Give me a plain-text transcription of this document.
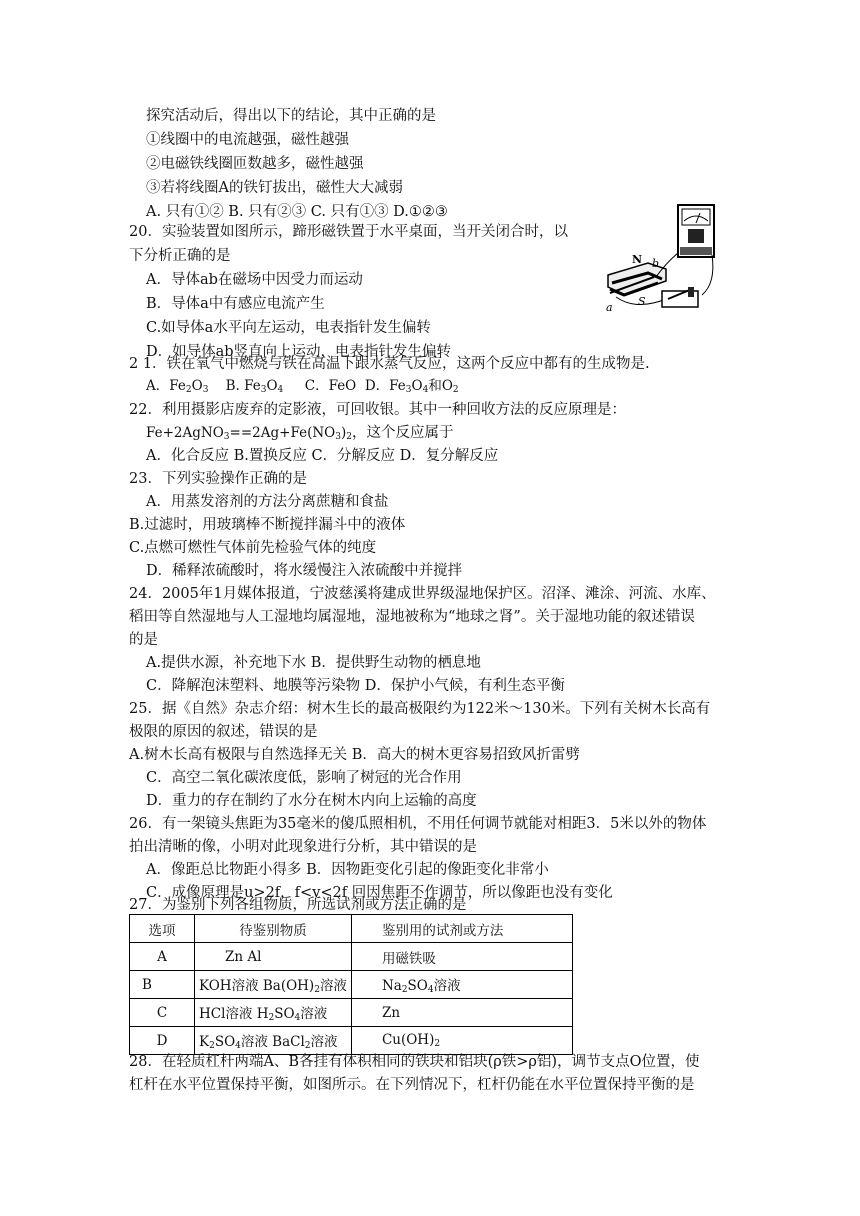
探究活动后，得出以下的结论，其中正确的是
①线圈中的电流越强，磁性越强
②电磁铁线圈匝数越多，磁性越强
③若将线圈A的铁钉拔出，磁性大大减弱
A. 只有①② B. 只有②③ C. 只有①③ D.①②③
20．实验装置如图所示，蹄形磁铁置于水平桌面，当开关闭合时，以
下分析正确的是
A．导体ab在磁场中因受力而运动
B．导体a中有感应电流产生
C.如导体a水平向左运动，电表指针发生偏转
D．如导体ab竖直向上运动，电表指针发生偏转
N b
a S
2 1．铁在氧气中燃烧与铁在高温下跟水蒸气反应，这两个反应中都有的生成物是.
A．$Fe_2O_3$ B. $Fe_3O_4$ C．FeO D．$Fe_3O_4$和$O_2$
22．利用摄影店废弃的定影液，可回收银。其中一种回收方法的反应原理是：
$Fe+2AgNO_3==2Ag+Fe(NO_3)_2$，这个反应属于
A．化合反应 B.置换反应 C．分解反应 D．复分解反应
23．下列实验操作正确的是
A．用蒸发溶剂的方法分离蔗糖和食盐
B.过滤时，用玻璃棒不断搅拌漏斗中的液体
C.点燃可燃性气体前先检验气体的纯度
D．稀释浓硫酸时，将水缓慢注入浓硫酸中并搅拌
24．2005年1月媒体报道，宁波慈溪将建成世界级湿地保护区。沼泽、滩涂、河流、水库、
稻田等自然湿地与人工湿地均属湿地，湿地被称为“地球之肾”。关于湿地功能的叙述错误
的是
A.提供水源，补充地下水 B．提供野生动物的栖息地
C．降解泡沫塑料、地膜等污染物 D．保护小气候，有利生态平衡
25．据《自然》杂志介绍：树木生长的最高极限约为122米～130米。下列有关树木长高有
极限的原因的叙述，错误的是
A.树木长高有极限与自然选择无关 B．高大的树木更容易招致风折雷劈
C．高空二氧化碳浓度低，影响了树冠的光合作用
D．重力的存在制约了水分在树木内向上运输的高度
26．有一架镜头焦距为35毫米的傻瓜照相机，不用任何调节就能对相距3．5米以外的物体
拍出清晰的像，小明对此现象进行分析，其中错误的是
A．像距总比物距小得多 B．因物距变化引起的像距变化非常小
C．成像原理是u>2f，f<v<2f 回因焦距不作调节，所以像距也没有变化
27．为鉴别下列各组物质，所选试剂或方法正确的是
选项	待鉴别物质	鉴别用的试剂或方法
A	Zn Al	用磁铁吸
B	KOH溶液 $Ba(OH)_2$溶液	$Na_2SO_4$溶液
C	HCl溶液 $H_2SO_4$溶液	Zn
D	$K_2SO_4$溶液 BaCl$_2$溶液	$Cu(OH)_2$
28．在轻质杠杆两端A、B各挂有体积相同的铁块和铝块(ρ铁>ρ铝)，调节支点O位置，使
杠杆在水平位置保持平衡，如图所示。在下列情况下，杠杆仍能在水平位置保持平衡的是
